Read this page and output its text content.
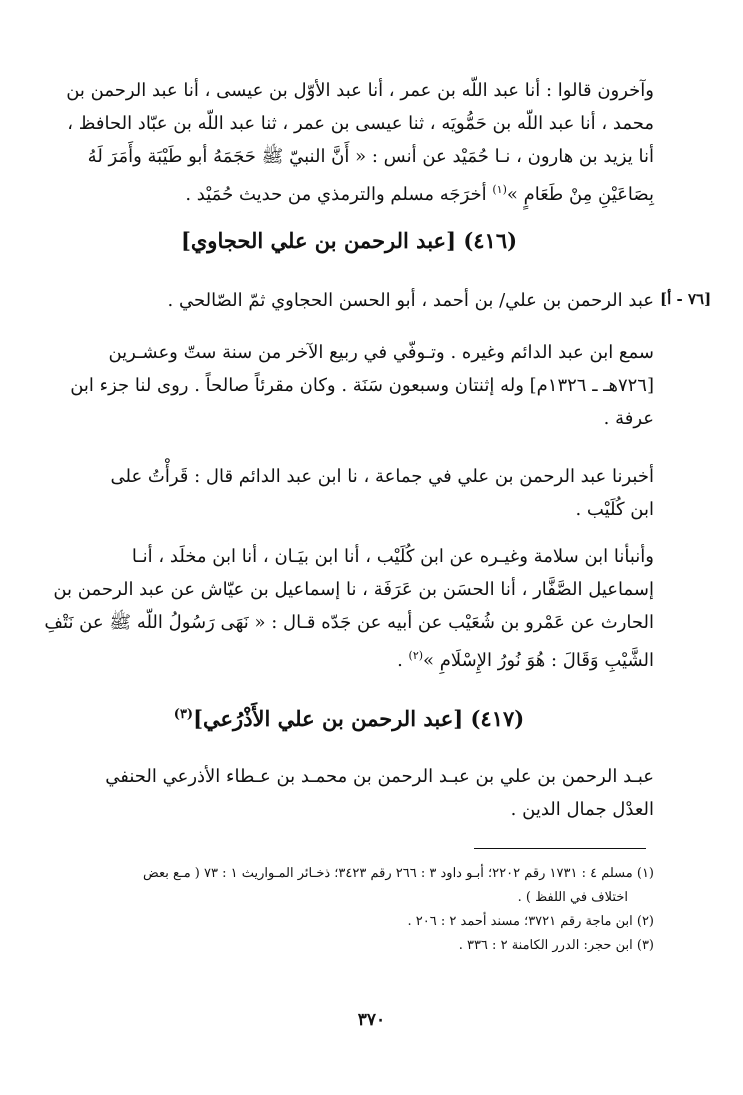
[٧٦ - أ]

وآخرون قالوا : أنا عبد اللّه بن عمر ، أنا عبد الأوّل بن عيسى ، أنا عبد الرحمن بن

محمد ، أنا عبد اللّه بن حَمُّويَه ، ثنا عيسى بن عمر ، ثنا عبد اللّه بن عبّاد الحافظ ،

أنا يزيد بن هارون ، نـا حُمَيْد عن أنس : « أَنَّ النبيّ ﷺ حَجَمَهُ أبو طَيْبَة وأَمَرَ لَهُ

بِصَاعَيْنِ مِنْ طَعَامٍ »$^{(١)}$ أخرَجَه مسلم والترمذي من حديث حُمَيْد .

(٤١٦) [عبد الرحمن بن علي الحجاوي]

عبد الرحمن بن علي/ بن أحمد ، أبو الحسن الحجاوي ثمّ الصّالحي .

سمع ابن عبد الدائم وغيره . وتـوفّي في ربيع الآخر من سنة ستّ وعشـرين

[٧٢٦هـ ـ ١٣٢٦م] وله إثنتان وسبعون سَنَة . وكان مقرئاً صالحاً . روى لنا جزء ابن

عرفة .

أخبرنا عبد الرحمن بن علي في جماعة ، نا ابن عبد الدائم قال : قَرأْتُ على

ابن كُلَيْب .

وأنبأنا ابن سلامة وغيـره عن ابن كُلَيْب ، أنا ابن بيَـان ، أنا ابن مخلَد ، أنـا

إسماعيل الصَّفَّار ، أنا الحسَن بن عَرَفَة ، نا إسماعيل بن عيّاش عن عبد الرحمن بن

الحارث عن عَمْرو بن شُعَيْب عن أبيه عن جَدّه قـال : « نَهَى رَسُولُ اللّه ﷺ عن نَتْفِ

الشَّيْبِ وَقَالَ : هُوَ نُورُ الإِسْلَامِ »$^{(٢)}$ .

(٤١٧) [عبد الرحمن بن علي الأَذْرُعي]$^{(٣)}$

عبـد الرحمن بن علي بن عبـد الرحمن بن محمـد بن عـطاء الأذرعي الحنفي

العدْل جمال الدين .

(١) مسلم ٤ : ١٧٣١ رقم ٢٢٠٢؛ أبـو داود ٣ : ٢٦٦ رقم ٣٤٢٣؛ ذخـائر المـواريث ١ : ٧٣ ( مـع بعض

اختلاف في اللفظ ) .

(٢) ابن ماجة رقم ٣٧٢١؛ مسند أحمد ٢ : ٢٠٦ .

(٣) ابن حجر: الدرر الكامنة ٢ : ٣٣٦ .

٣٧٠
